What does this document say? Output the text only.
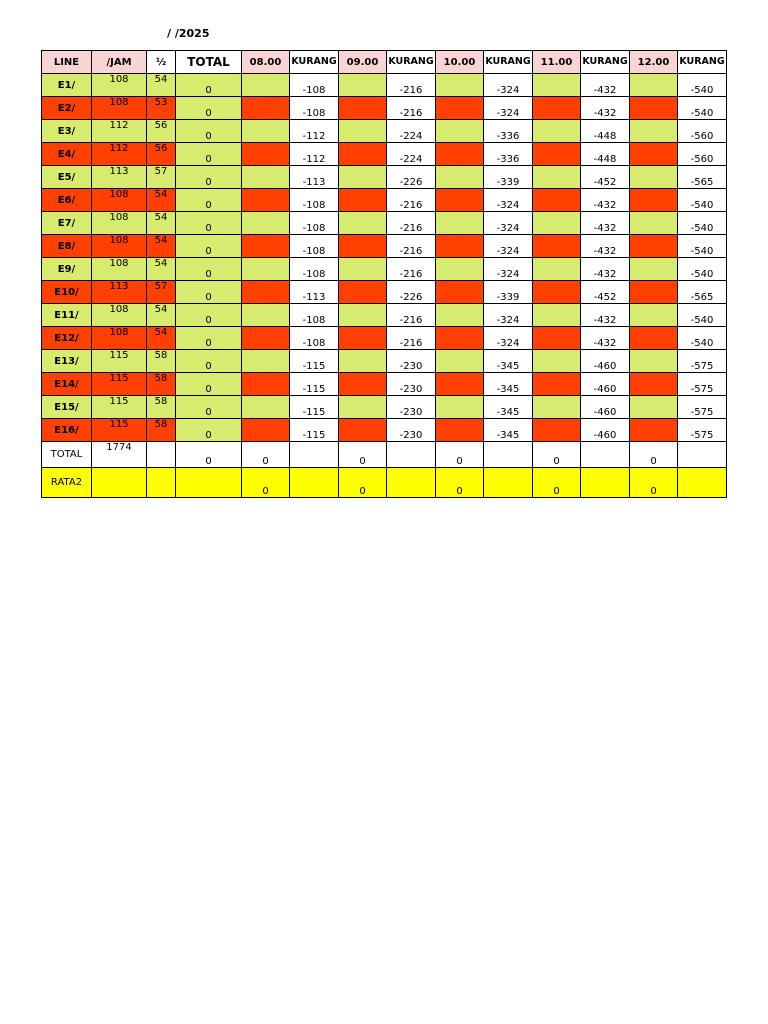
/ /2025
LINE	/JAM	½	TOTAL	08.00	KURANG	09.00	KURANG	10.00	KURANG	11.00	KURANG	12.00	KURANG
E1/	108	54	0		-108		-216		-324		-432		-540
E2/	108	53	0		-108		-216		-324		-432		-540
E3/	112	56	0		-112		-224		-336		-448		-560
E4/	112	56	0		-112		-224		-336		-448		-560
E5/	113	57	0		-113		-226		-339		-452		-565
E6/	108	54	0		-108		-216		-324		-432		-540
E7/	108	54	0		-108		-216		-324		-432		-540
E8/	108	54	0		-108		-216		-324		-432		-540
E9/	108	54	0		-108		-216		-324		-432		-540
E10/	113	57	0		-113		-226		-339		-452		-565
E11/	108	54	0		-108		-216		-324		-432		-540
E12/	108	54	0		-108		-216		-324		-432		-540
E13/	115	58	0		-115		-230		-345		-460		-575
E14/	115	58	0		-115		-230		-345		-460		-575
E15/	115	58	0		-115		-230		-345		-460		-575
E16/	115	58	0		-115		-230		-345		-460		-575
TOTAL	1774		0	0		0		0		0		0	
RATA2				0		0		0		0		0	
